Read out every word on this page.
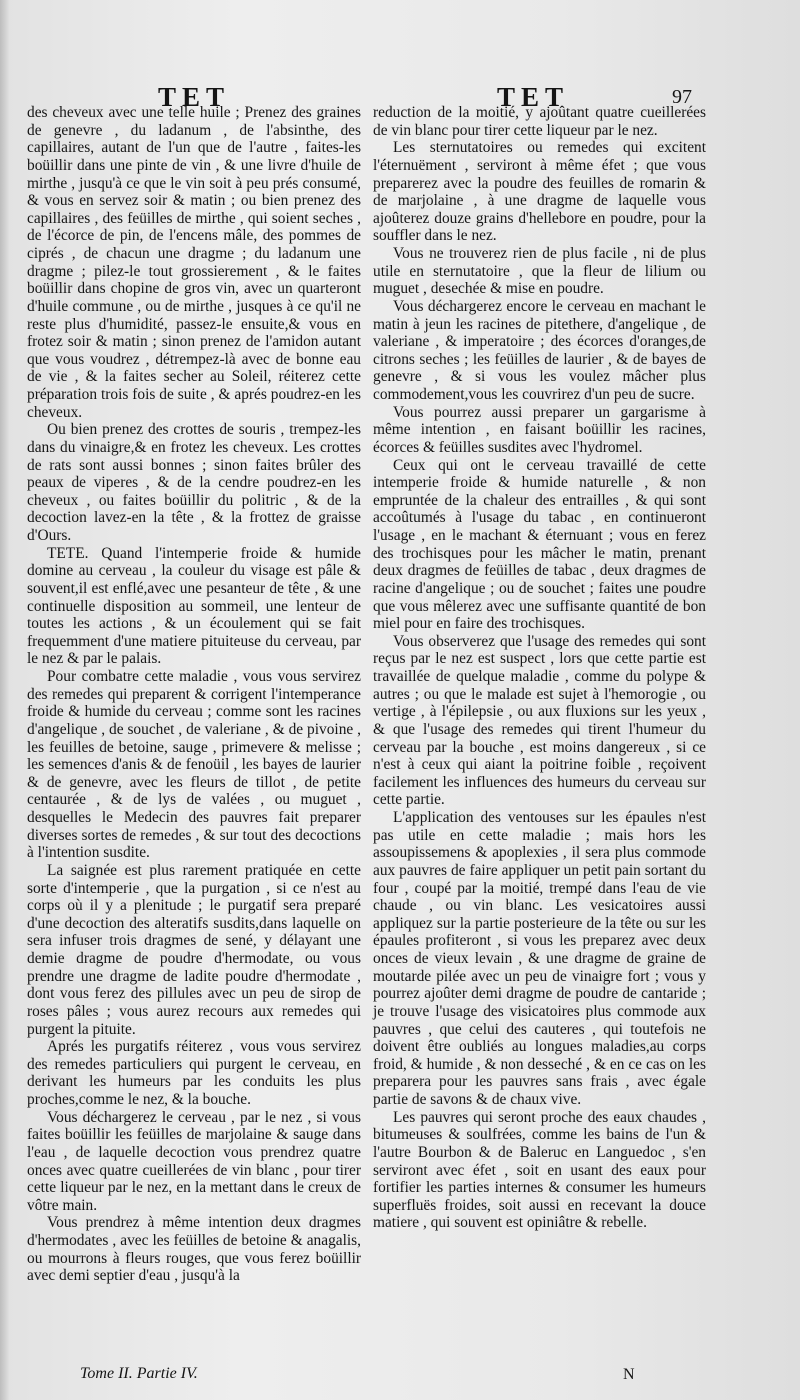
TET	TET	97

des cheveux avec une telle huile ; Prenez des graines de genevre , du ladanum , de l'absinthe, des capillaires, autant de l'un que de l'autre , faites-les boüillir dans une pinte de vin , & une livre d'huile de mirthe , jusqu'à ce que le vin soit à peu prés consumé, & vous en servez soir & matin ; ou bien prenez des capillaires , des feüilles de mirthe , qui soient seches , de l'écorce de pin, de l'encens mâle, des pommes de ciprés , de chacun une dragme ; du ladanum une dragme ; pilez-le tout grossierement , & le faites boüillir dans chopine de gros vin, avec un quarteront d'huile commune , ou de mirthe , jusques à ce qu'il ne reste plus d'humidité, passez-le ensuite,& vous en frotez soir & matin ; sinon prenez de l'amidon autant que vous voudrez , détrempez-là avec de bonne eau de vie , & la faites secher au Soleil, réiterez cette préparation trois fois de suite , & aprés poudrez-en les cheveux.

Ou bien prenez des crottes de souris , trempez-les dans du vinaigre,& en frotez les cheveux. Les crottes de rats sont aussi bonnes ; sinon faites brûler des peaux de viperes , & de la cendre poudrez-en les cheveux , ou faites boüillir du politric , & de la decoction lavez-en la tête , & la frottez de graisse d'Ours.

TETE. Quand l'intemperie froide & humide domine au cerveau , la couleur du visage est pâle & souvent,il est enflé,avec une pesanteur de tête , & une continuelle disposition au sommeil, une lenteur de toutes les actions , & un écoulement qui se fait frequemment d'une matiere pituiteuse du cerveau, par le nez & par le palais.

Pour combatre cette maladie , vous vous servirez des remedes qui preparent & corrigent l'intemperance froide & humide du cerveau ; comme sont les racines d'angelique , de souchet , de valeriane , & de pivoine , les feuilles de betoine, sauge , primevere & melisse ; les semences d'anis & de fenoüil , les bayes de laurier & de genevre, avec les fleurs de tillot , de petite centaurée , & de lys de valées , ou muguet , desquelles le Medecin des pauvres fait preparer diverses sortes de remedes , & sur tout des decoctions à l'intention susdite.

La saignée est plus rarement pratiquée en cette sorte d'intemperie , que la purgation , si ce n'est au corps où il y a plenitude ; le purgatif sera preparé d'une decoction des alteratifs susdits,dans laquelle on sera infuser trois dragmes de sené, y délayant une demie dragme de poudre d'hermodate, ou vous prendre une dragme de ladite poudre d'hermodate , dont vous ferez des pillules avec un peu de sirop de roses pâles ; vous aurez recours aux remedes qui purgent la pituite.

Aprés les purgatifs réiterez , vous vous servirez des remedes particuliers qui purgent le cerveau, en derivant les humeurs par les conduits les plus proches,comme le nez, & la bouche.

Vous déchargerez le cerveau , par le nez , si vous faites boüillir les feüilles de marjolaine & sauge dans l'eau , de laquelle decoction vous prendrez quatre onces avec quatre cueillerées de vin blanc , pour tirer cette liqueur par le nez, en la mettant dans le creux de vôtre main.

Vous prendrez à même intention deux dragmes d'hermodates , avec les feüilles de betoine & anagalis, ou mourrons à fleurs rouges, que vous ferez boüillir avec demi septier d'eau , jusqu'à la

reduction de la moitié, y ajoûtant quatre cueillerées de vin blanc pour tirer cette liqueur par le nez.

Les sternutatoires ou remedes qui excitent l'éternuëment , serviront à même éfet ; que vous preparerez avec la poudre des feuilles de romarin & de marjolaine , à une dragme de laquelle vous ajoûterez douze grains d'hellebore en poudre, pour la souffler dans le nez.

Vous ne trouverez rien de plus facile , ni de plus utile en sternutatoire , que la fleur de lilium ou muguet , desechée & mise en poudre.

Vous déchargerez encore le cerveau en machant le matin à jeun les racines de pitethere, d'angelique , de valeriane , & imperatoire ; des écorces d'oranges,de citrons seches ; les feüilles de laurier , & de bayes de genevre , & si vous les voulez mâcher plus commodement,vous les couvrirez d'un peu de sucre.

Vous pourrez aussi preparer un gargarisme à même intention , en faisant boüillir les racines, écorces & feüilles susdites avec l'hydromel.

Ceux qui ont le cerveau travaillé de cette intemperie froide & humide naturelle , & non empruntée de la chaleur des entrailles , & qui sont accoûtumés à l'usage du tabac , en continueront l'usage , en le machant & éternuant ; vous en ferez des trochisques pour les mâcher le matin, prenant deux dragmes de feüilles de tabac , deux dragmes de racine d'angelique ; ou de souchet ; faites une poudre que vous mêlerez avec une suffisante quantité de bon miel pour en faire des trochisques.

Vous observerez que l'usage des remedes qui sont reçus par le nez est suspect , lors que cette partie est travaillée de quelque maladie , comme du polype & autres ; ou que le malade est sujet à l'hemorogie , ou vertige , à l'épilepsie , ou aux fluxions sur les yeux , & que l'usage des remedes qui tirent l'humeur du cerveau par la bouche , est moins dangereux , si ce n'est à ceux qui aiant la poitrine foible , reçoivent facilement les influences des humeurs du cerveau sur cette partie.

L'application des ventouses sur les épaules n'est pas utile en cette maladie ; mais hors les assoupissemens & apoplexies , il sera plus commode aux pauvres de faire appliquer un petit pain sortant du four , coupé par la moitié, trempé dans l'eau de vie chaude , ou vin blanc. Les vesicatoires aussi appliquez sur la partie posterieure de la tête ou sur les épaules profiteront , si vous les preparez avec deux onces de vieux levain , & une dragme de graine de moutarde pilée avec un peu de vinaigre fort ; vous y pourrez ajoûter demi dragme de poudre de cantaride ; je trouve l'usage des visicatoires plus commode aux pauvres , que celui des cauteres , qui toutefois ne doivent être oubliés au longues maladies,au corps froid, & humide , & non desseché , & en ce cas on les preparera pour les pauvres sans frais , avec égale partie de savons & de chaux vive.

Les pauvres qui seront proche des eaux chaudes , bitumeuses & soulfrées, comme les bains de l'un & l'autre Bourbon & de Baleruc en Languedoc , s'en serviront avec éfet , soit en usant des eaux pour fortifier les parties internes & consumer les humeurs superfluës froides, soit aussi en recevant la douce matiere , qui souvent est opiniâtre & rebelle.

Tome II. Partie IV.	N
